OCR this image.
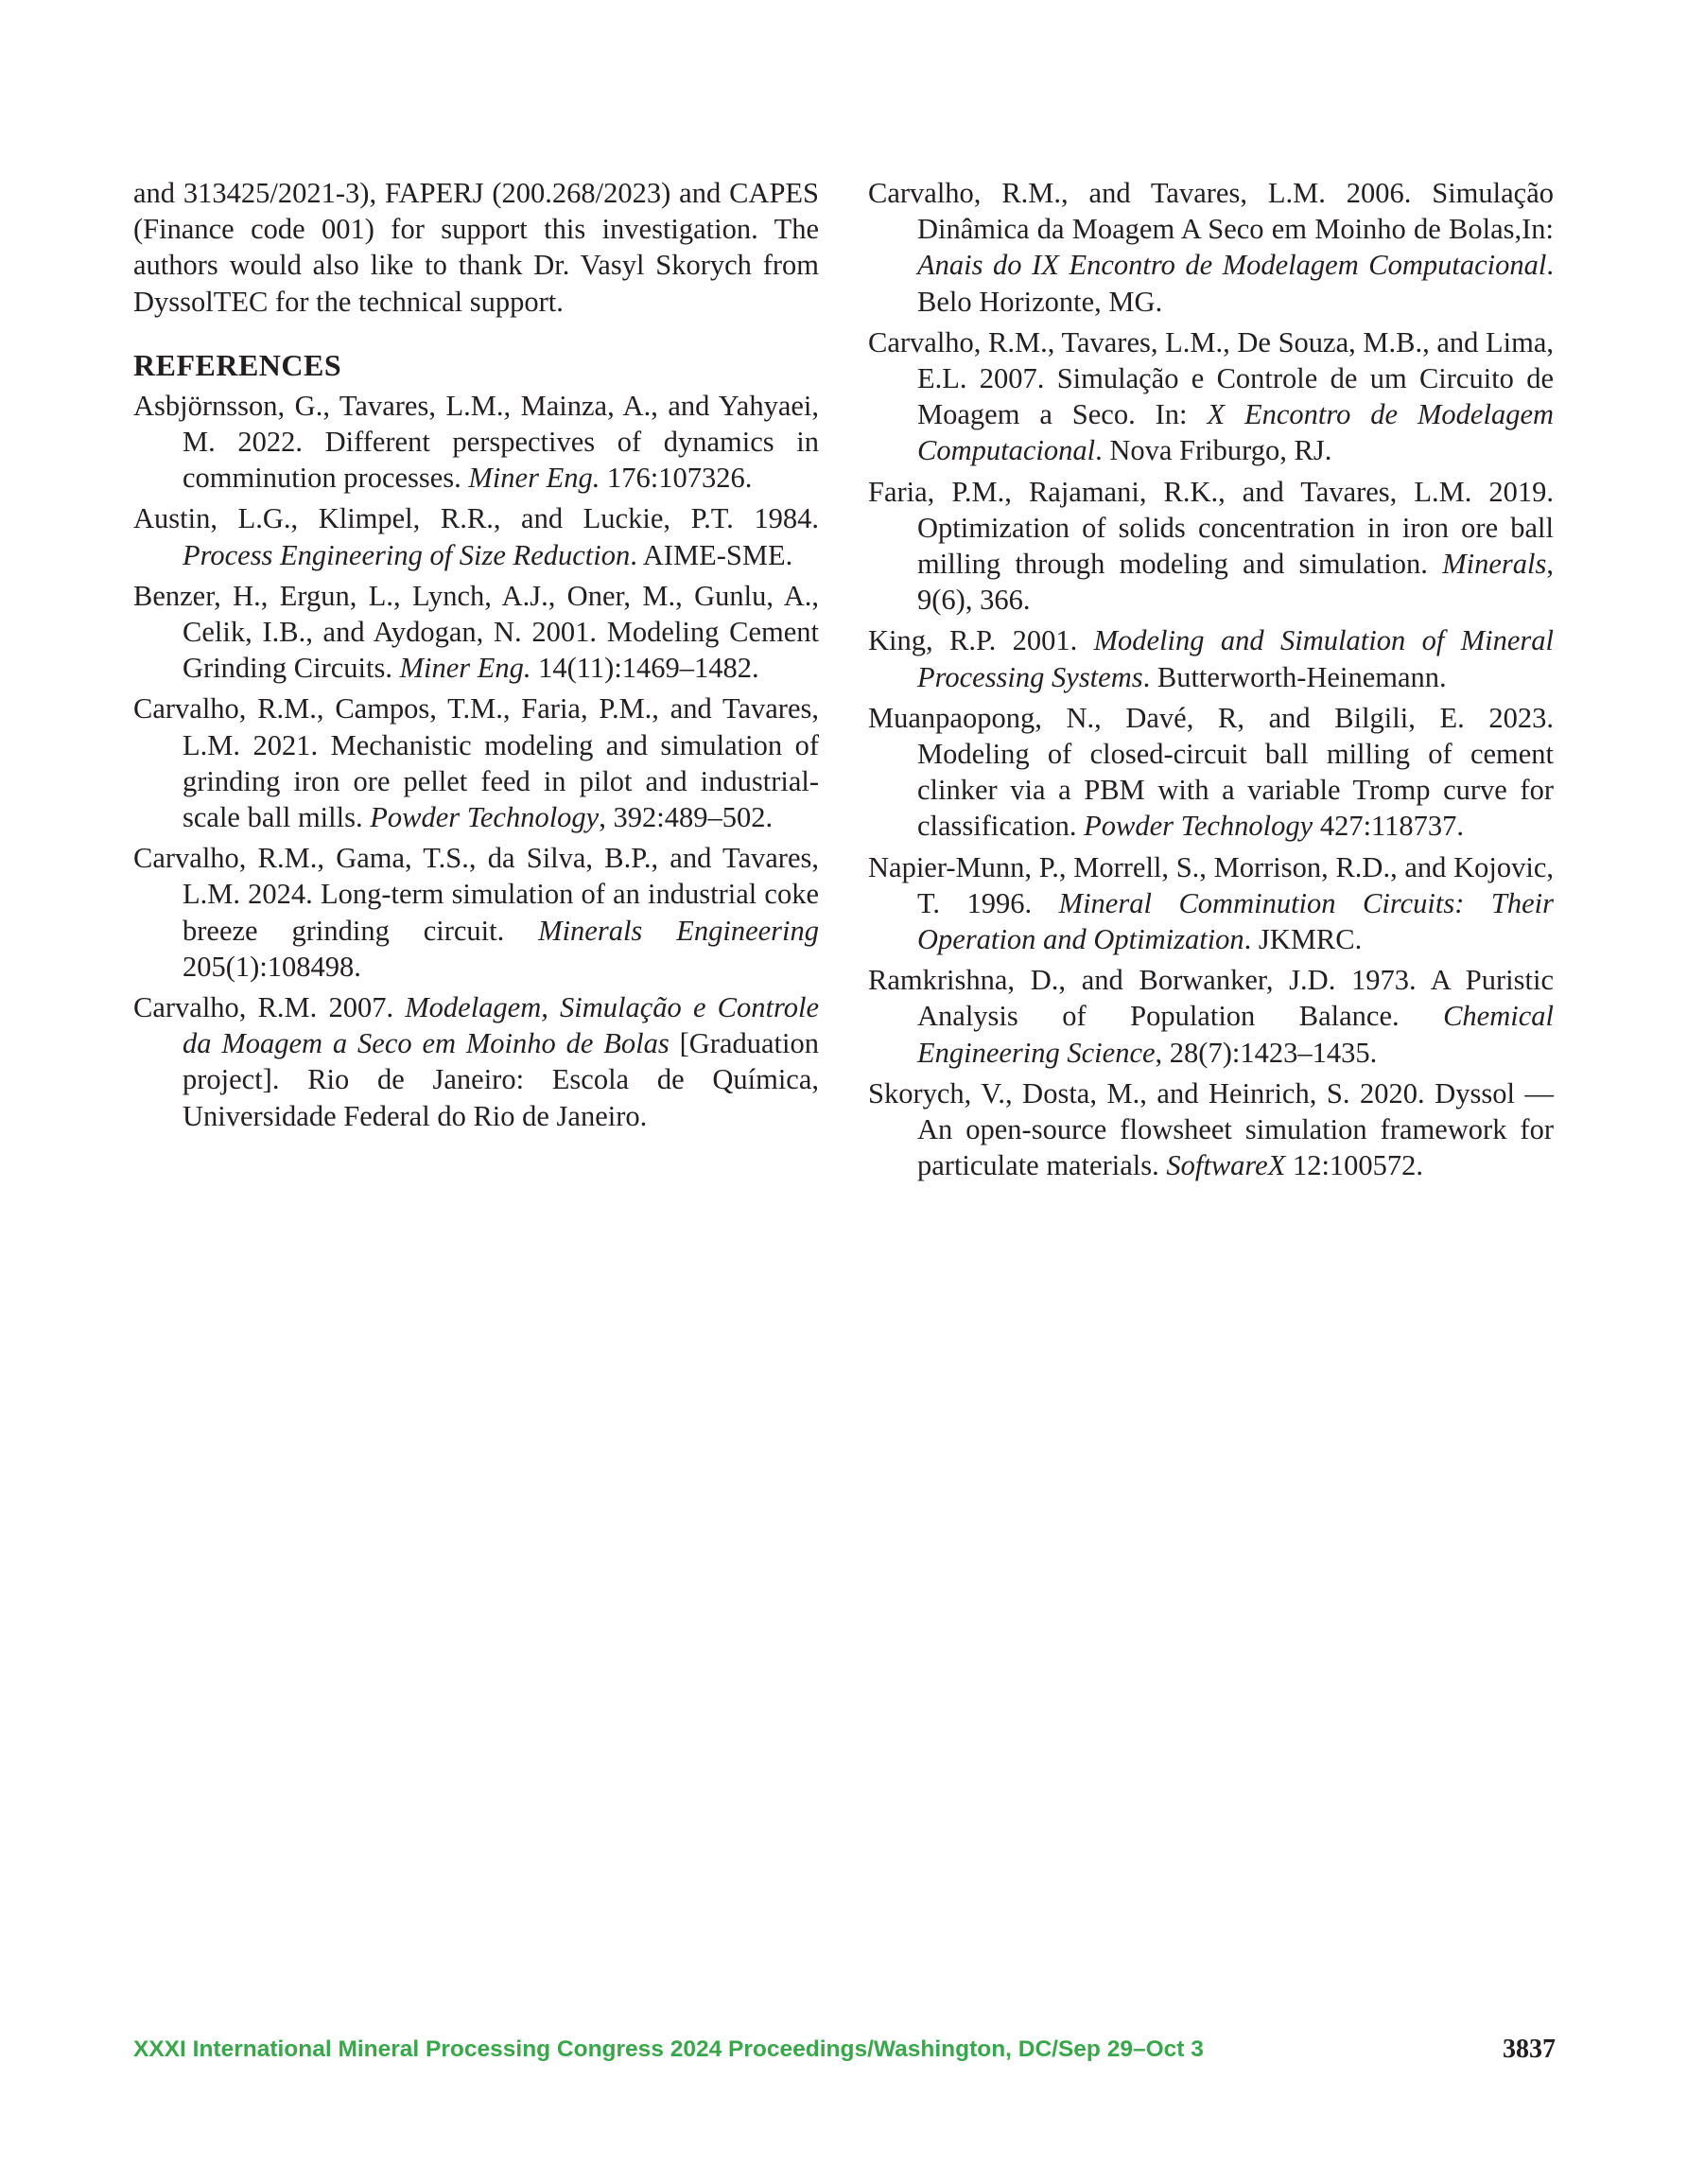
and 313425/2021-3), FAPERJ (200.268/2023) and CAPES (Finance code 001) for support this investigation. The authors would also like to thank Dr. Vasyl Skorych from DyssolTEC for the technical support.

REFERENCES

Asbjörnsson, G., Tavares, L.M., Mainza, A., and Yahyaei, M. 2022. Different perspectives of dynamics in comminution processes. Miner Eng. 176:107326.

Austin, L.G., Klimpel, R.R., and Luckie, P.T. 1984. Process Engineering of Size Reduction. AIME-SME.

Benzer, H., Ergun, L., Lynch, A.J., Oner, M., Gunlu, A., Celik, I.B., and Aydogan, N. 2001. Modeling Cement Grinding Circuits. Miner Eng. 14(11):1469–1482.

Carvalho, R.M., Campos, T.M., Faria, P.M., and Tavares, L.M. 2021. Mechanistic modeling and simulation of grinding iron ore pellet feed in pilot and industrial-scale ball mills. Powder Technology, 392:489–502.

Carvalho, R.M., Gama, T.S., da Silva, B.P., and Tavares, L.M. 2024. Long-term simulation of an industrial coke breeze grinding circuit. Minerals Engineering 205(1):108498.

Carvalho, R.M. 2007. Modelagem, Simulação e Controle da Moagem a Seco em Moinho de Bolas [Graduation project]. Rio de Janeiro: Escola de Química, Universidade Federal do Rio de Janeiro.

Carvalho, R.M., and Tavares, L.M. 2006. Simulação Dinâmica da Moagem A Seco em Moinho de Bolas,In: Anais do IX Encontro de Modelagem Computacional. Belo Horizonte, MG.

Carvalho, R.M., Tavares, L.M., De Souza, M.B., and Lima, E.L. 2007. Simulação e Controle de um Circuito de Moagem a Seco. In: X Encontro de Modelagem Computacional. Nova Friburgo, RJ.

Faria, P.M., Rajamani, R.K., and Tavares, L.M. 2019. Optimization of solids concentration in iron ore ball milling through modeling and simulation. Minerals, 9(6), 366.

King, R.P. 2001. Modeling and Simulation of Mineral Processing Systems. Butterworth-Heinemann.

Muanpaopong, N., Davé, R, and Bilgili, E. 2023. Modeling of closed-circuit ball milling of cement clinker via a PBM with a variable Tromp curve for classification. Powder Technology 427:118737.

Napier-Munn, P., Morrell, S., Morrison, R.D., and Kojovic, T. 1996. Mineral Comminution Circuits: Their Operation and Optimization. JKMRC.

Ramkrishna, D., and Borwanker, J.D. 1973. A Puristic Analysis of Population Balance. Chemical Engineering Science, 28(7):1423–1435.

Skorych, V., Dosta, M., and Heinrich, S. 2020. Dyssol — An open-source flowsheet simulation framework for particulate materials. SoftwareX 12:100572.

XXXI International Mineral Processing Congress 2024 Proceedings/Washington, DC/Sep 29–Oct 3	3837
